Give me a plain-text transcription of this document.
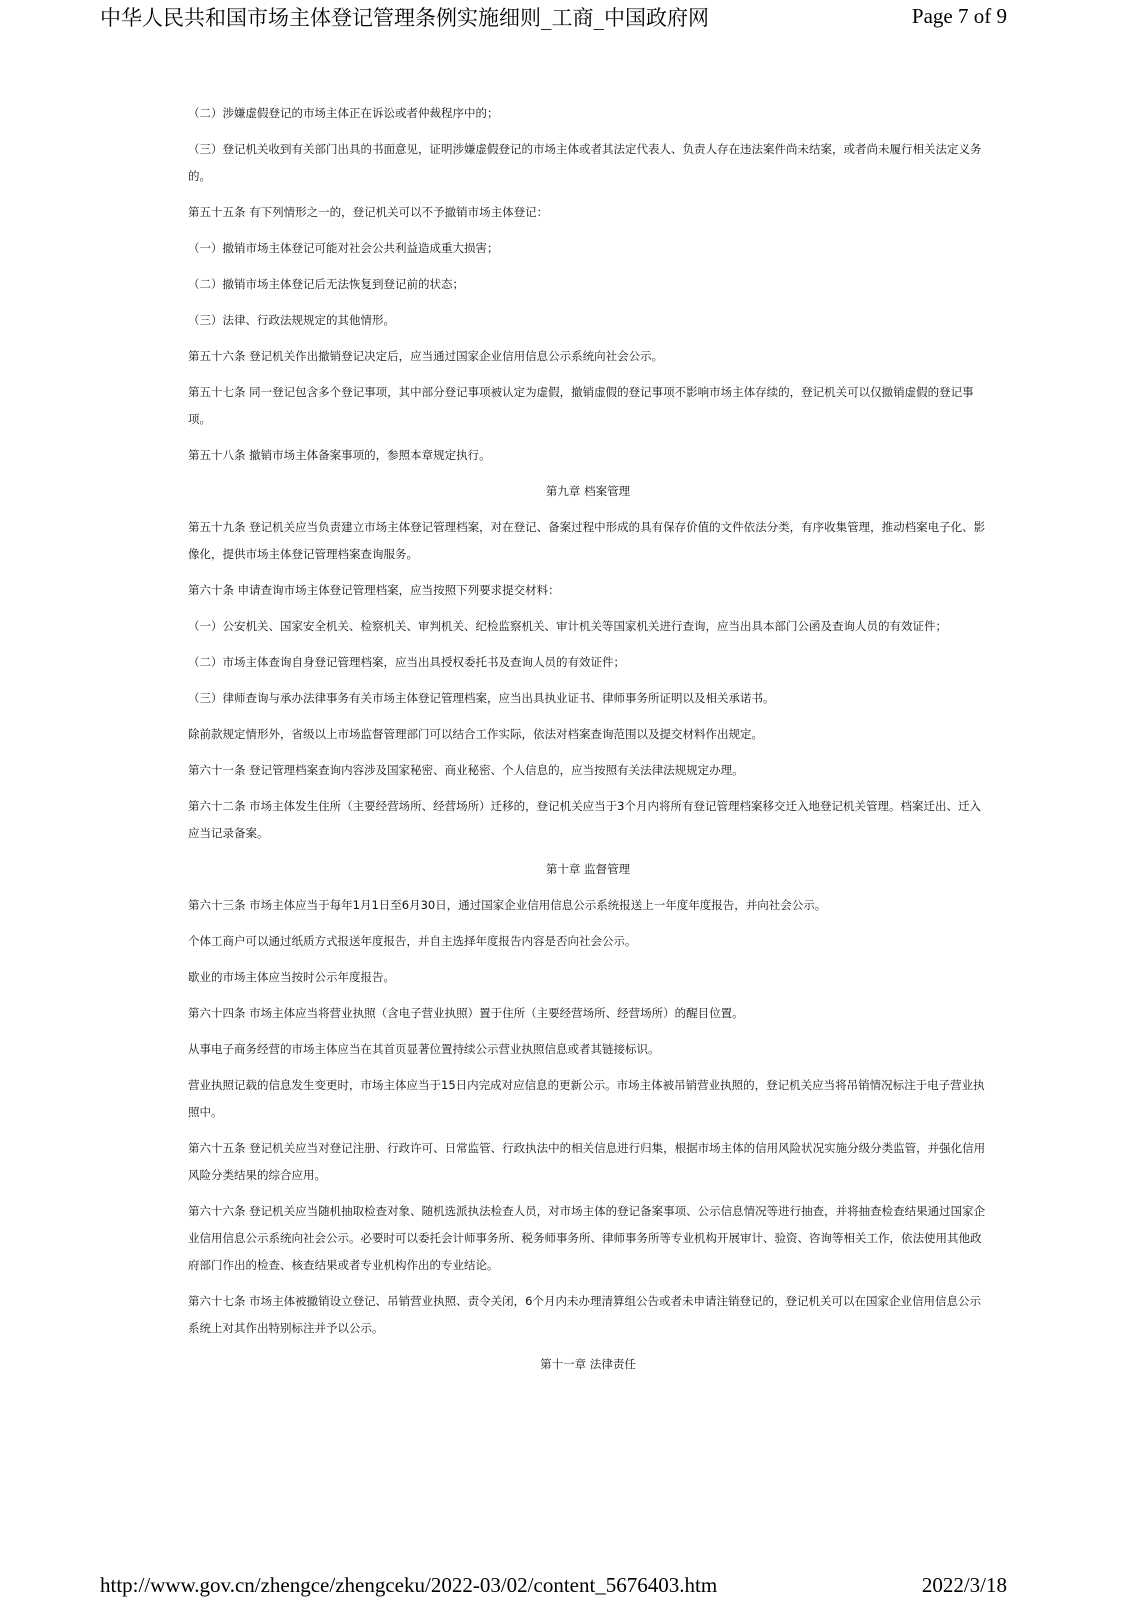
中华人民共和国市场主体登记管理条例实施细则_工商_中国政府网	Page 7 of 9
（二）涉嫌虚假登记的市场主体正在诉讼或者仲裁程序中的；
（三）登记机关收到有关部门出具的书面意见，证明涉嫌虚假登记的市场主体或者其法定代表人、负责人存在违法案件尚未结案，或者尚未履行相关法定义务的。
第五十五条 有下列情形之一的，登记机关可以不予撤销市场主体登记：
（一）撤销市场主体登记可能对社会公共利益造成重大损害；
（二）撤销市场主体登记后无法恢复到登记前的状态；
（三）法律、行政法规规定的其他情形。
第五十六条 登记机关作出撤销登记决定后，应当通过国家企业信用信息公示系统向社会公示。
第五十七条 同一登记包含多个登记事项，其中部分登记事项被认定为虚假，撤销虚假的登记事项不影响市场主体存续的，登记机关可以仅撤销虚假的登记事项。
第五十八条 撤销市场主体备案事项的，参照本章规定执行。
第九章 档案管理
第五十九条 登记机关应当负责建立市场主体登记管理档案，对在登记、备案过程中形成的具有保存价值的文件依法分类，有序收集管理，推动档案电子化、影像化，提供市场主体登记管理档案查询服务。
第六十条 申请查询市场主体登记管理档案，应当按照下列要求提交材料：
（一）公安机关、国家安全机关、检察机关、审判机关、纪检监察机关、审计机关等国家机关进行查询，应当出具本部门公函及查询人员的有效证件；
（二）市场主体查询自身登记管理档案，应当出具授权委托书及查询人员的有效证件；
（三）律师查询与承办法律事务有关市场主体登记管理档案，应当出具执业证书、律师事务所证明以及相关承诺书。
除前款规定情形外，省级以上市场监督管理部门可以结合工作实际，依法对档案查询范围以及提交材料作出规定。
第六十一条 登记管理档案查询内容涉及国家秘密、商业秘密、个人信息的，应当按照有关法律法规规定办理。
第六十二条 市场主体发生住所（主要经营场所、经营场所）迁移的，登记机关应当于3个月内将所有登记管理档案移交迁入地登记机关管理。档案迁出、迁入应当记录备案。
第十章 监督管理
第六十三条 市场主体应当于每年1月1日至6月30日，通过国家企业信用信息公示系统报送上一年度年度报告，并向社会公示。
个体工商户可以通过纸质方式报送年度报告，并自主选择年度报告内容是否向社会公示。
歇业的市场主体应当按时公示年度报告。
第六十四条 市场主体应当将营业执照（含电子营业执照）置于住所（主要经营场所、经营场所）的醒目位置。
从事电子商务经营的市场主体应当在其首页显著位置持续公示营业执照信息或者其链接标识。
营业执照记载的信息发生变更时，市场主体应当于15日内完成对应信息的更新公示。市场主体被吊销营业执照的，登记机关应当将吊销情况标注于电子营业执照中。
第六十五条 登记机关应当对登记注册、行政许可、日常监管、行政执法中的相关信息进行归集，根据市场主体的信用风险状况实施分级分类监管，并强化信用风险分类结果的综合应用。
第六十六条 登记机关应当随机抽取检查对象、随机选派执法检查人员，对市场主体的登记备案事项、公示信息情况等进行抽查，并将抽查检查结果通过国家企业信用信息公示系统向社会公示。必要时可以委托会计师事务所、税务师事务所、律师事务所等专业机构开展审计、验资、咨询等相关工作，依法使用其他政府部门作出的检查、核查结果或者专业机构作出的专业结论。
第六十七条 市场主体被撤销设立登记、吊销营业执照、责令关闭，6个月内未办理清算组公告或者未申请注销登记的，登记机关可以在国家企业信用信息公示系统上对其作出特别标注并予以公示。
第十一章 法律责任
http://www.gov.cn/zhengce/zhengceku/2022-03/02/content_5676403.htm	2022/3/18
